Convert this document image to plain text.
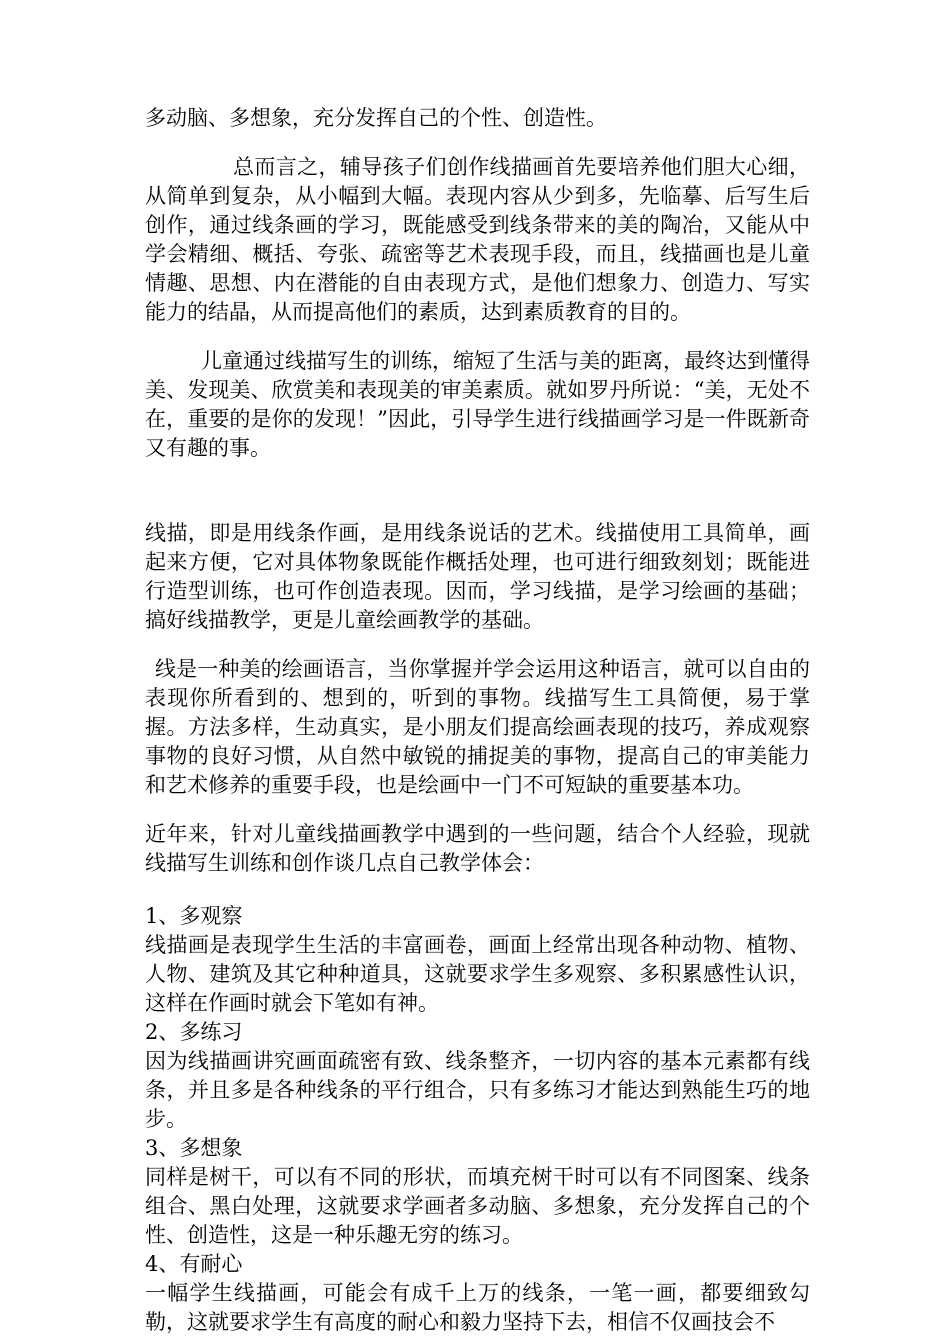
多动脑、多想象，充分发挥自己的个性、创造性。

总而言之，辅导孩子们创作线描画首先要培养他们胆大心细，从简单到复杂，从小幅到大幅。表现内容从少到多，先临摹、后写生后创作，通过线条画的学习，既能感受到线条带来的美的陶冶，又能从中学会精细、概括、夸张、疏密等艺术表现手段，而且，线描画也是儿童情趣、思想、内在潜能的自由表现方式，是他们想象力、创造力、写实能力的结晶，从而提高他们的素质，达到素质教育的目的。

儿童通过线描写生的训练，缩短了生活与美的距离，最终达到懂得美、发现美、欣赏美和表现美的审美素质。就如罗丹所说：“美，无处不在，重要的是你的发现！”因此，引导学生进行线描画学习是一件既新奇又有趣的事。

线描，即是用线条作画，是用线条说话的艺术。线描使用工具简单，画起来方便，它对具体物象既能作概括处理，也可进行细致刻划；既能进行造型训练，也可作创造表现。因而，学习线描，是学习绘画的基础；搞好线描教学，更是儿童绘画教学的基础。

线是一种美的绘画语言，当你掌握并学会运用这种语言，就可以自由的表现你所看到的、想到的，听到的事物。线描写生工具简便，易于掌握。方法多样，生动真实，是小朋友们提高绘画表现的技巧，养成观察事物的良好习惯，从自然中敏锐的捕捉美的事物，提高自己的审美能力和艺术修养的重要手段，也是绘画中一门不可短缺的重要基本功。

近年来，针对儿童线描画教学中遇到的一些问题，结合个人经验，现就线描写生训练和创作谈几点自己教学体会：

1、多观察

线描画是表现学生生活的丰富画卷，画面上经常出现各种动物、植物、人物、建筑及其它种种道具，这就要求学生多观察、多积累感性认识，这样在作画时就会下笔如有神。

2、多练习

因为线描画讲究画面疏密有致、线条整齐，一切内容的基本元素都有线条，并且多是各种线条的平行组合，只有多练习才能达到熟能生巧的地步。

3、多想象

同样是树干，可以有不同的形状，而填充树干时可以有不同图案、线条组合、黑白处理，这就要求学画者多动脑、多想象，充分发挥自己的个性、创造性，这是一种乐趣无穷的练习。

4、有耐心

一幅学生线描画，可能会有成千上万的线条，一笔一画，都要细致勾勒，这就要求学生有高度的耐心和毅力坚持下去，相信不仅画技会不
